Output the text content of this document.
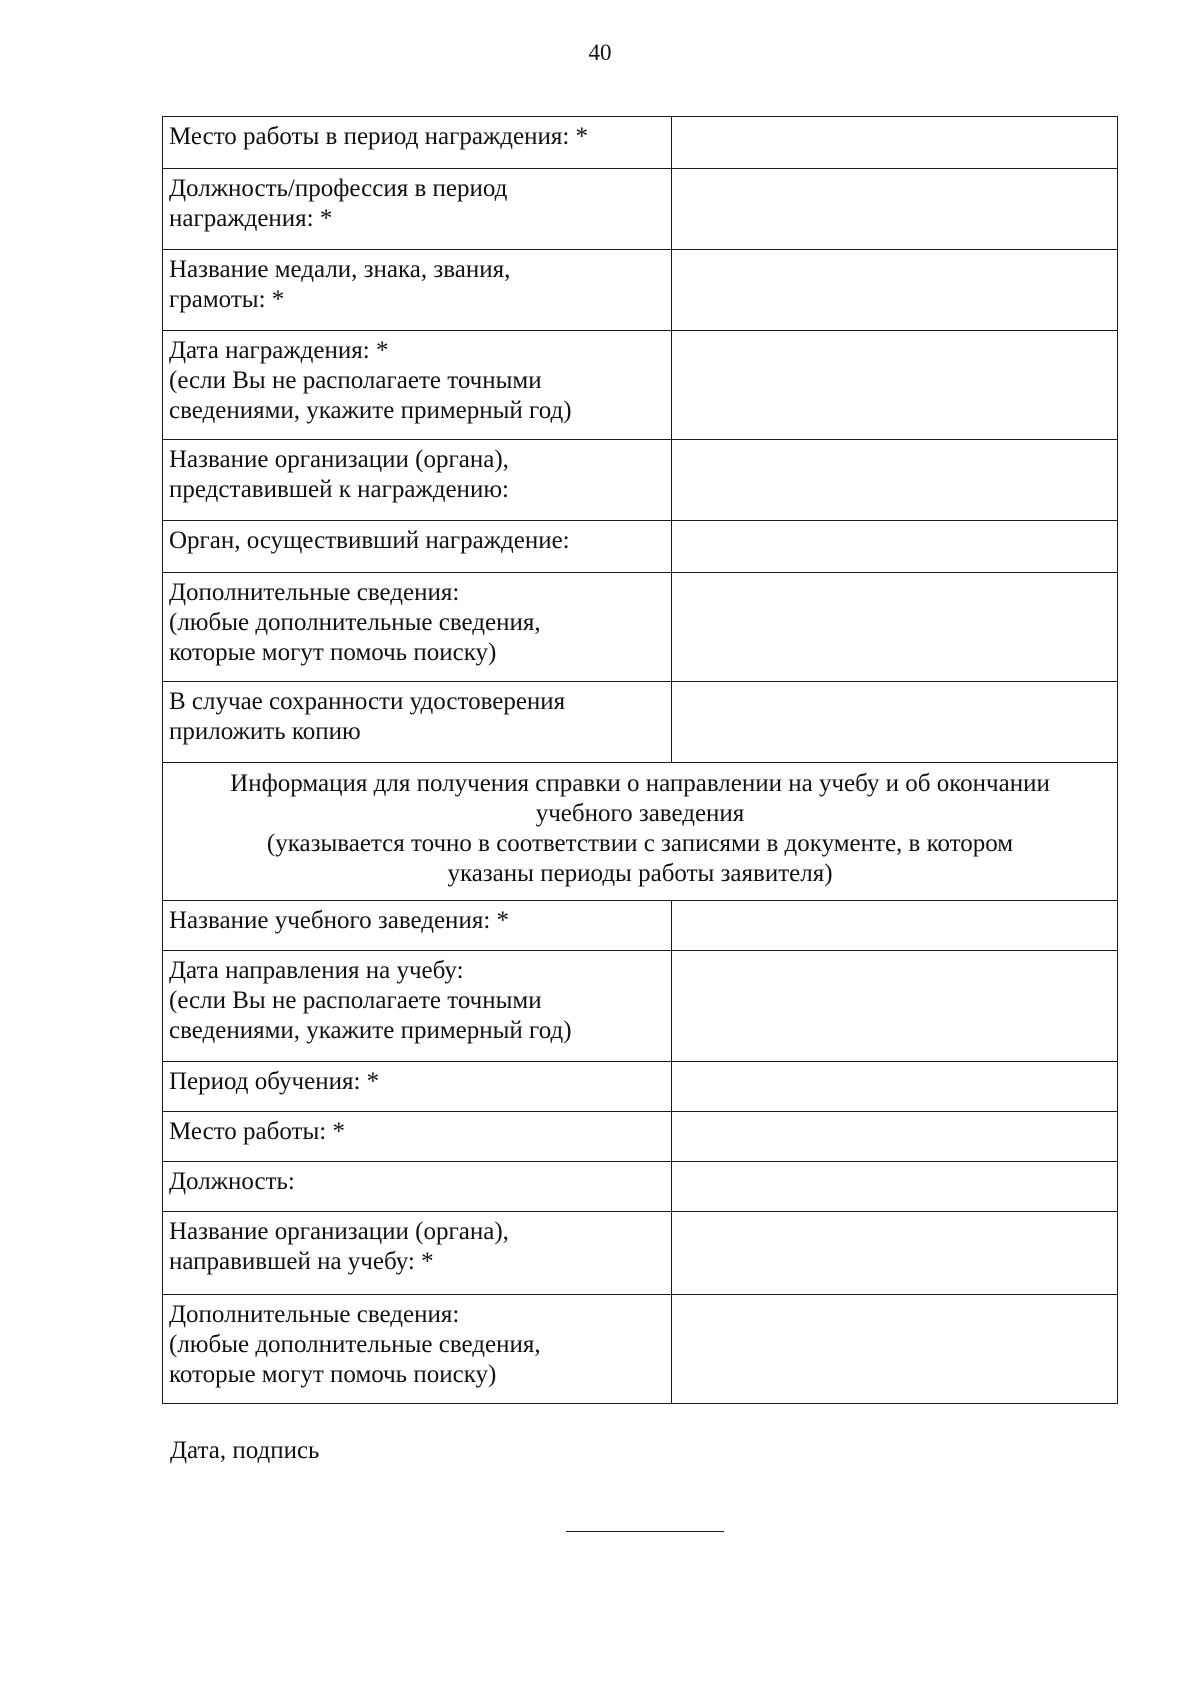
40
Место работы в период награждения: *	
Должность/профессия в период
награждения: *	
Название медали, знака, звания,
грамоты: *	
Дата награждения: *
(если Вы не располагаете точными
сведениями, укажите примерный год)	
Название организации (органа),
представившей к награждению:	
Орган, осуществивший награждение:	
Дополнительные сведения:
(любые дополнительные сведения,
которые могут помочь поиску)	
В случае сохранности удостоверения
приложить копию	
Информация для получения справки о направлении на учебу и об окончании
учебного заведения
(указывается точно в соответствии с записями в документе, в котором
указаны периоды работы заявителя)	
Название учебного заведения: *	
Дата направления на учебу:
(если Вы не располагаете точными
сведениями, укажите примерный год)	
Период обучения: *	
Место работы: *	
Должность:	
Название организации (органа),
направившей на учебу: *	
Дополнительные сведения:
(любые дополнительные сведения,
которые могут помочь поиску)	
Дата, подпись
